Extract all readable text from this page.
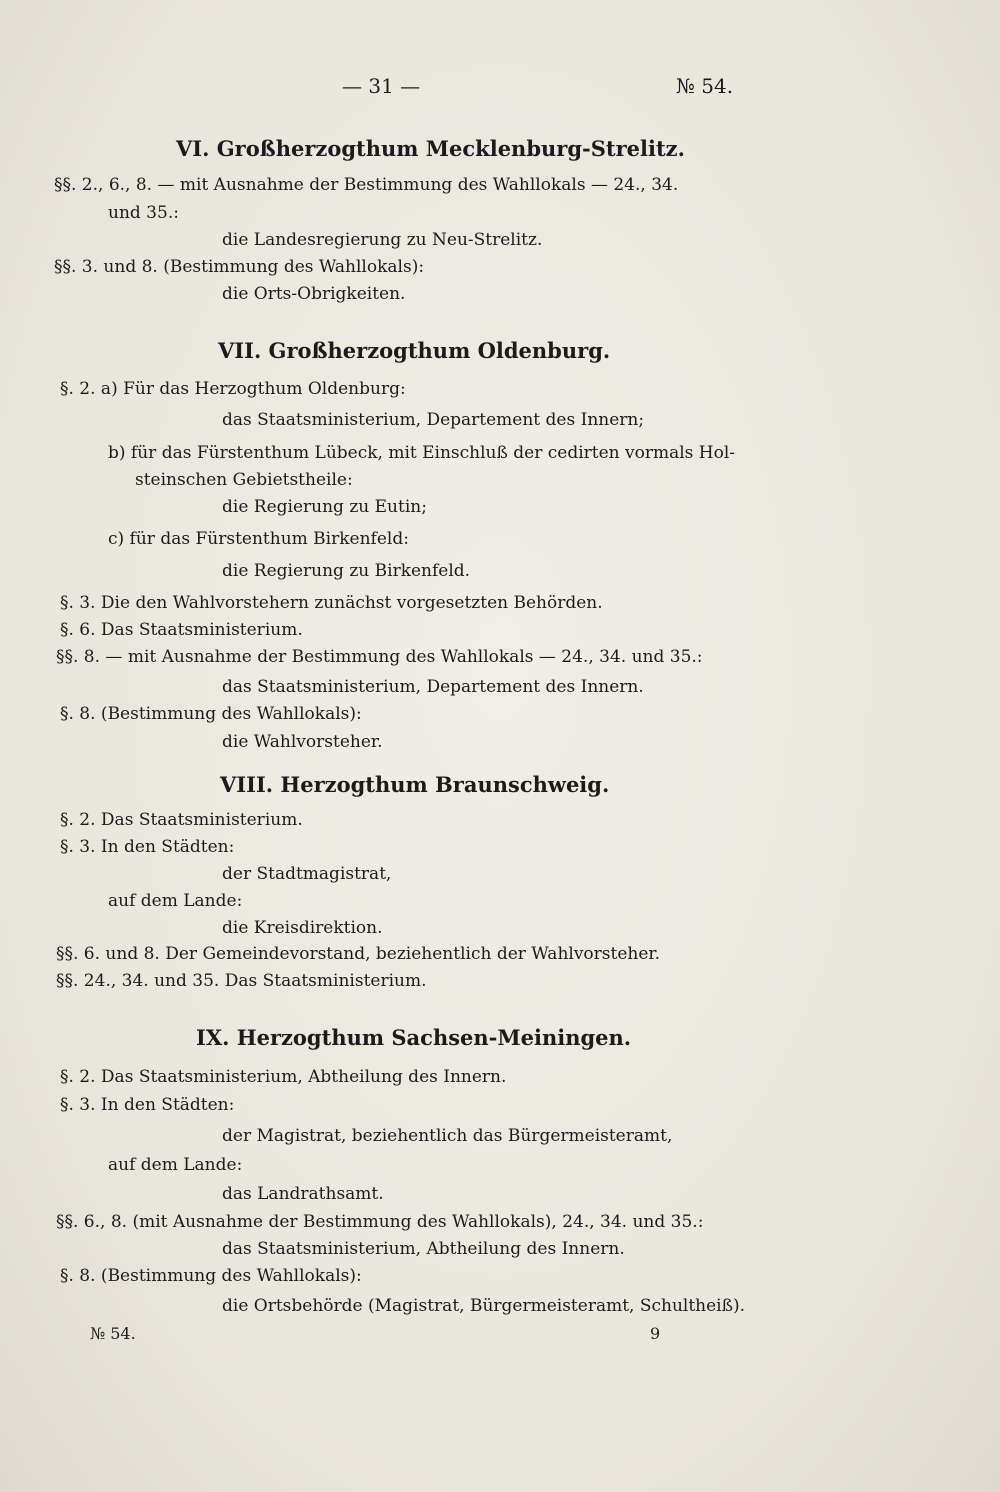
— 31 —	№ 54.
VI. Großherzogthum Mecklenburg-Strelitz.
§§. 2., 6., 8. — mit Ausnahme der Bestimmung des Wahllokals — 24., 34.
und 35.:
die Landesregierung zu Neu-Strelitz.
§§. 3. und 8. (Bestimmung des Wahllokals):
die Orts-Obrigkeiten.
VII. Großherzogthum Oldenburg.
§. 2. a) Für das Herzogthum Oldenburg:
das Staatsministerium, Departement des Innern;
b) für das Fürstenthum Lübeck, mit Einschluß der cedirten vormals Hol-
steinschen Gebietstheile:
die Regierung zu Eutin;
c) für das Fürstenthum Birkenfeld:
die Regierung zu Birkenfeld.
§. 3. Die den Wahlvorstehern zunächst vorgesetzten Behörden.
§. 6. Das Staatsministerium.
§§. 8. — mit Ausnahme der Bestimmung des Wahllokals — 24., 34. und 35.:
das Staatsministerium, Departement des Innern.
§. 8. (Bestimmung des Wahllokals):
die Wahlvorsteher.
VIII. Herzogthum Braunschweig.
§. 2. Das Staatsministerium.
§. 3. In den Städten:
der Stadtmagistrat,
auf dem Lande:
die Kreisdirektion.
§§. 6. und 8. Der Gemeindevorstand, beziehentlich der Wahlvorsteher.
§§. 24., 34. und 35. Das Staatsministerium.
IX. Herzogthum Sachsen-Meiningen.
§. 2. Das Staatsministerium, Abtheilung des Innern.
§. 3. In den Städten:
der Magistrat, beziehentlich das Bürgermeisteramt,
auf dem Lande:
das Landrathsamt.
§§. 6., 8. (mit Ausnahme der Bestimmung des Wahllokals), 24., 34. und 35.:
das Staatsministerium, Abtheilung des Innern.
§. 8. (Bestimmung des Wahllokals):
die Ortsbehörde (Magistrat, Bürgermeisteramt, Schultheiß).
№ 54.	9
